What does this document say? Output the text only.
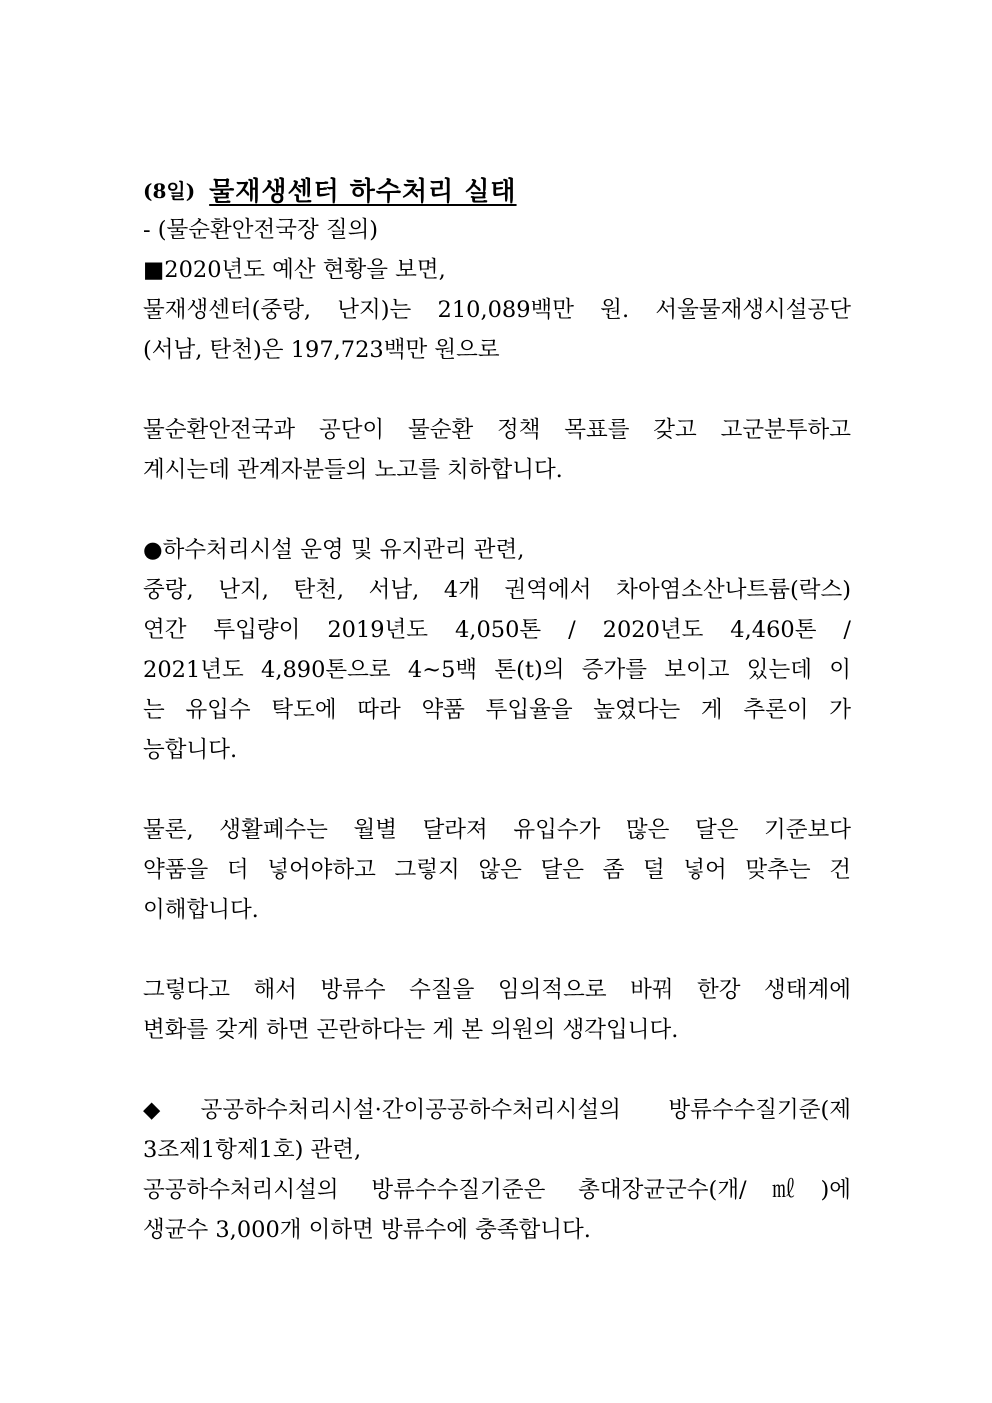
(8일) 물재생센터 하수처리 실태
- (물순환안전국장 질의)
■2020년도 예산 현황을 보면,
물재생센터(중랑, 난지)는 210,089백만 원. 서울물재생시설공단
(서남, 탄천)은 197,723백만 원으로
물순환안전국과 공단이 물순환 정책 목표를 갖고 고군분투하고
계시는데 관계자분들의 노고를 치하합니다.
●하수처리시설 운영 및 유지관리 관련,
중랑, 난지, 탄천, 서남, 4개 권역에서 차아염소산나트륨(락스)
연간 투입량이 2019년도 4,050톤 / 2020년도 4,460톤 /
2021년도 4,890톤으로 4~5백 톤(t)의 증가를 보이고 있는데 이
는 유입수 탁도에 따라 약품 투입율을 높였다는 게 추론이 가
능합니다.
물론, 생활폐수는 월별 달라져 유입수가 많은 달은 기준보다
약품을 더 넣어야하고 그렇지 않은 달은 좀 덜 넣어 맞추는 건
이해합니다.
그렇다고 해서 방류수 수질을 임의적으로 바꿔 한강 생태계에
변화를 갖게 하면 곤란하다는 게 본 의원의 생각입니다.
◆공공하수처리시설·간이공공하수처리시설의 방류수수질기준(제
3조제1항제1호) 관련,
공공하수처리시설의 방류수수질기준은 총대장균군수(개/㎖)에
생균수 3,000개 이하면 방류수에 충족합니다.
